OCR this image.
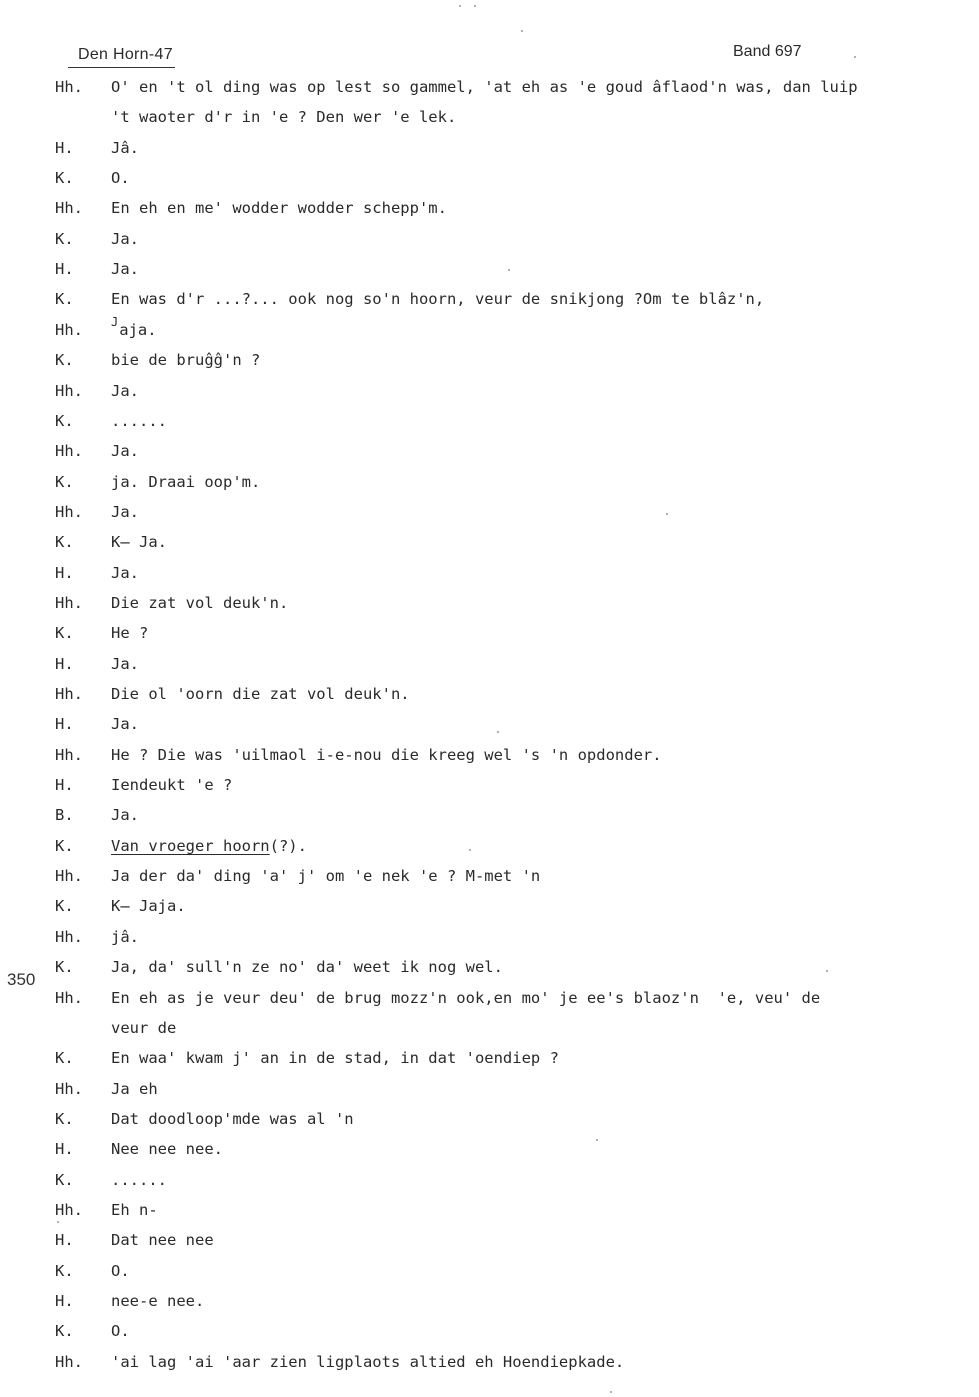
Den Horn-47	Band 697
350
Hh.	O' en 't ol ding was op lest so gammel, 'at eh as 'e goud âflaod'n was, dan luip
't waoter d'r in 'e ? Den wer 'e lek.
H.	Jâ.
K.	O.
Hh.	En eh en me' wodder wodder schepp'm.
K.	Ja.
H.	Ja.
K.	En was d'r ...?... ook nog so'n hoorn, veur de snikjong ?Om te blâz'n,
Hh.	$^J$aja.
K.	bie de bruĝĝ'n ?
Hh.	Ja.
K.	......
Hh.	Ja.
K.	ja. Draai oop'm.
Hh.	Ja.
K.	K̶ Ja.
H.	Ja.
Hh.	Die zat vol deuk'n.
K.	He ?
H.	Ja.
Hh.	Die ol 'oorn die zat vol deuk'n.
H.	Ja.
Hh.	He ? Die was 'uilmaol i-e-nou die kreeg wel 's 'n opdonder.
H.	Iendeukt 'e ?
B.	Ja.
K.	Van vroeger hoorn(?).
Hh.	Ja der da' ding 'a' j' om 'e nek 'e ? M-met 'n
K.	K̶ Jaja.
Hh.	jâ.
K.	Ja, da' sull'n ze no' da' weet ik nog wel.
Hh.	En eh as je veur deu' de brug mozz'n ook,en mo' je ee's blaoz'n  'e, veu' de
veur de
K.	En waa' kwam j' an in de stad, in dat 'oendiep ?
Hh.	Ja eh
K.	Dat doodloop'mde was al 'n
H.	Nee nee nee.
K.	......
Hh.	Eh n-
H.	Dat nee nee
K.	O.
H.	nee-e nee.
K.	O.
Hh.	'ai lag 'ai 'aar zien ligplaots altied eh Hoendiepkade.
